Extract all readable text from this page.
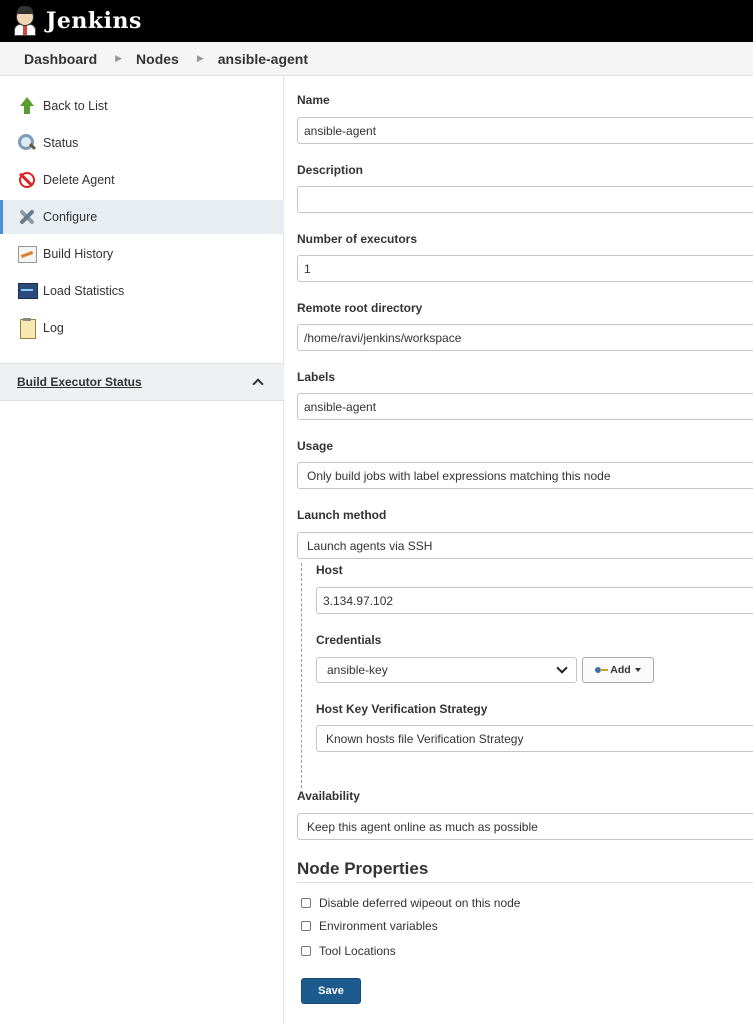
Jenkins
Dashboard ▶ Nodes ▶ ansible-agent
Back to List
Status
Delete Agent
Configure
Build History
Load Statistics
Log
Build Executor Status
Name
ansible-agent
Description
Number of executors
1
Remote root directory
/home/ravi/jenkins/workspace
Labels
ansible-agent
Usage
Only build jobs with label expressions matching this node
Launch method
Launch agents via SSH
Host
3.134.97.102
Credentials
ansible-key	Add
Host Key Verification Strategy
Known hosts file Verification Strategy
Availability
Keep this agent online as much as possible
Node Properties
Disable deferred wipeout on this node
Environment variables
Tool Locations
Save
